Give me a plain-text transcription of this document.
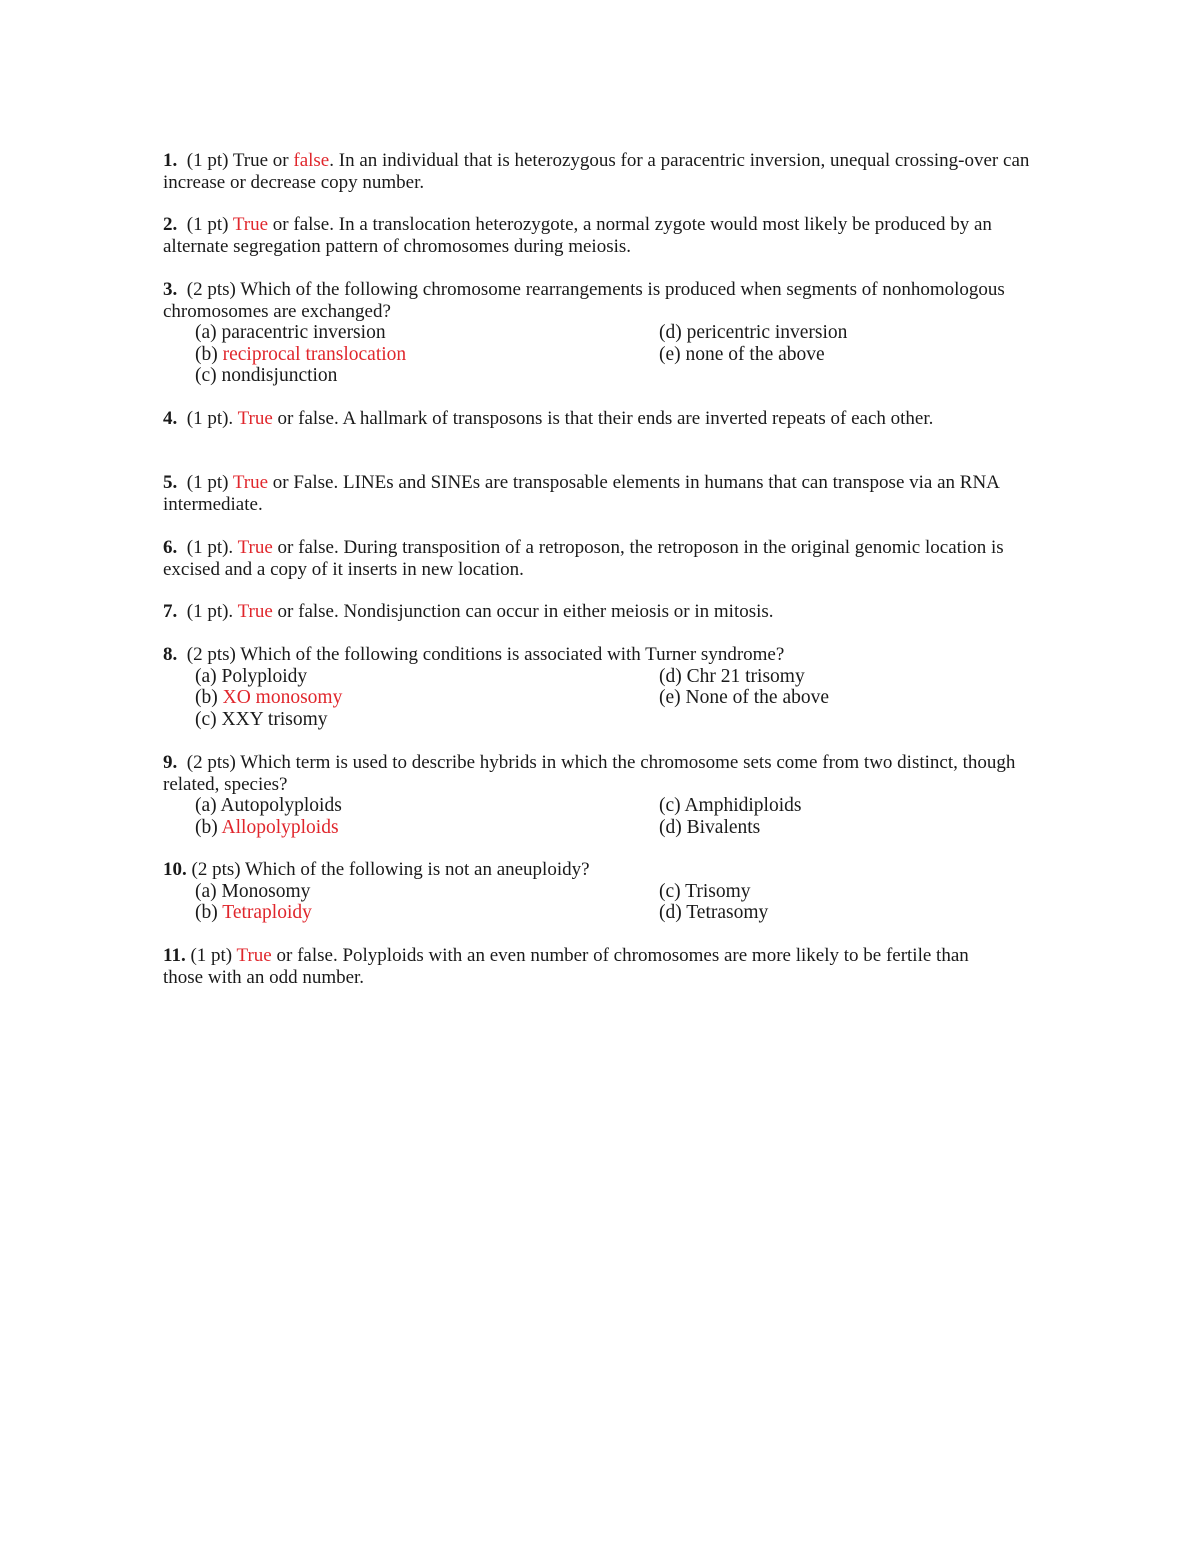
1. (1 pt) True or false. In an individual that is heterozygous for a paracentric inversion, unequal crossing-over can increase or decrease copy number.
2. (1 pt) True or false. In a translocation heterozygote, a normal zygote would most likely be produced by an alternate segregation pattern of chromosomes during meiosis.
3. (2 pts) Which of the following chromosome rearrangements is produced when segments of nonhomologous chromosomes are exchanged?
(a) paracentric inversion
(b) reciprocal translocation
(c) nondisjunction
(d) pericentric inversion
(e) none of the above
4. (1 pt). True or false. A hallmark of transposons is that their ends are inverted repeats of each other.
5. (1 pt) True or False. LINEs and SINEs are transposable elements in humans that can transpose via an RNA intermediate.
6. (1 pt). True or false. During transposition of a retroposon, the retroposon in the original genomic location is excised and a copy of it inserts in new location.
7. (1 pt). True or false. Nondisjunction can occur in either meiosis or in mitosis.
8. (2 pts) Which of the following conditions is associated with Turner syndrome?
(a) Polyploidy
(b) XO monosomy
(c) XXY trisomy
(d) Chr 21 trisomy
(e) None of the above
9. (2 pts) Which term is used to describe hybrids in which the chromosome sets come from two distinct, though related, species?
(a) Autopolyploids
(b) Allopolyploids
(c) Amphidiploids
(d) Bivalents
10. (2 pts) Which of the following is not an aneuploidy?
(a) Monosomy
(b) Tetraploidy
(c) Trisomy
(d) Tetrasomy
11. (1 pt) True or false. Polyploids with an even number of chromosomes are more likely to be fertile than those with an odd number.
